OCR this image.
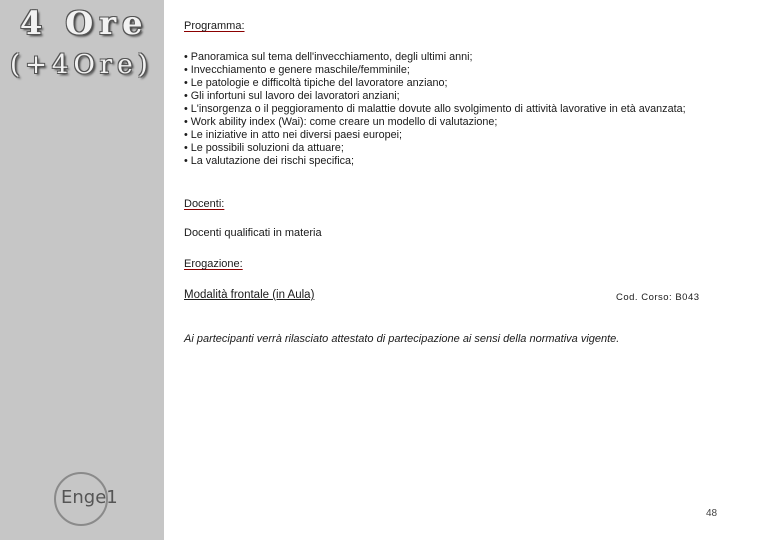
4 Ore
(+4Ore)
Enge1
Programma:
• Panoramica sul tema dell'invecchiamento, degli ultimi anni;
• Invecchiamento e genere maschile/femminile;
• Le patologie e difficoltà tipiche del lavoratore anziano;
• Gli infortuni sul lavoro dei lavoratori anziani;
• L'insorgenza o il peggioramento di malattie dovute allo svolgimento di attività lavorative in età avanzata;
• Work ability index (Wai): come creare un modello di valutazione;
• Le iniziative in atto nei diversi paesi europei;
• Le possibili soluzioni da attuare;
• La valutazione dei rischi specifica;
Docenti:
Docenti qualificati in materia
Erogazione:
Modalità frontale (in Aula)	Cod. Corso: B043
Ai partecipanti verrà rilasciato attestato di partecipazione ai sensi della normativa vigente.
48
